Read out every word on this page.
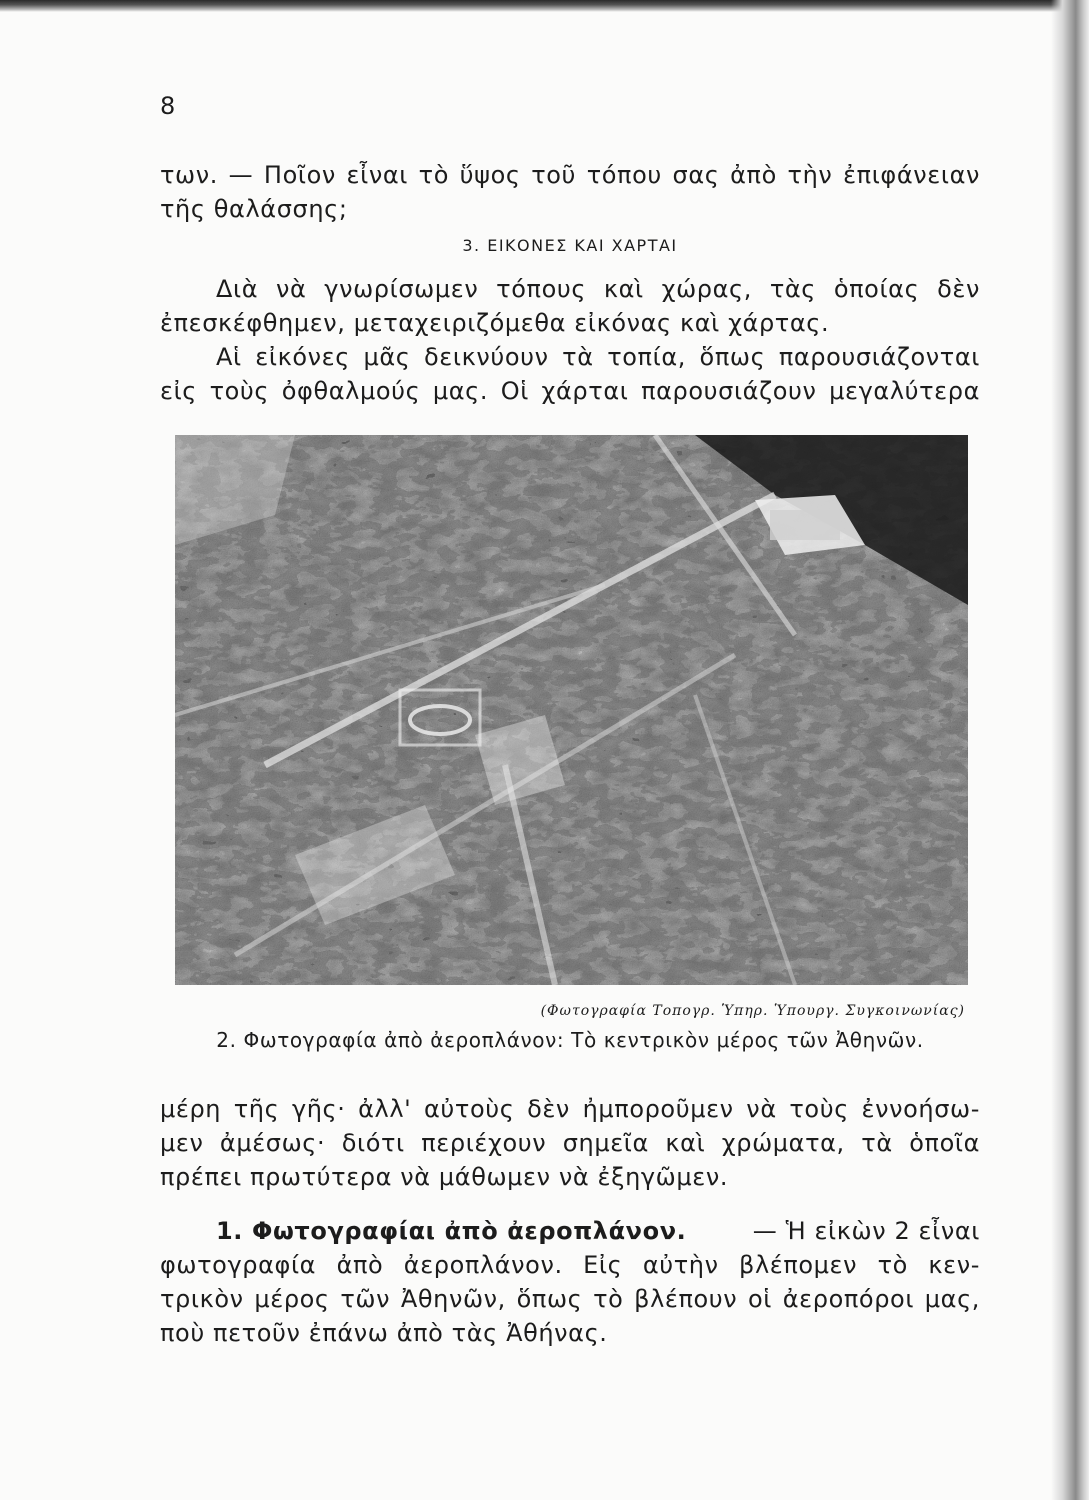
8
των. — Ποῖον εἶναι τὸ ὕψος τοῦ τόπου σας ἀπὸ τὴν ἐπιφάνειαν
τῆς θαλάσσης;
3. ΕΙΚΟΝΕΣ ΚΑΙ ΧΑΡΤΑΙ
Διὰ νὰ γνωρίσωμεν τόπους καὶ χώρας, τὰς ὁποίας δὲν
ἐπεσκέφθημεν, μεταχειριζόμεθα εἰκόνας καὶ χάρτας.
Αἱ εἰκόνες μᾶς δεικνύουν τὰ τοπία, ὅπως παρουσιάζονται
εἰς τοὺς ὀφθαλμούς μας. Οἱ χάρται παρουσιάζουν μεγαλύτερα
(Φωτογραφία Τοπογρ. Ὑπηρ. Ὑπουργ. Συγκοινωνίας)
2. Φωτογραφία ἀπὸ ἀεροπλάνον: Τὸ κεντρικὸν μέρος τῶν Ἀθηνῶν.
μέρη τῆς γῆς· ἀλλ' αὐτοὺς δὲν ἠμποροῦμεν νὰ τοὺς ἐννοήσω-
μεν ἀμέσως· διότι περιέχουν σημεῖα καὶ χρώματα, τὰ ὁποῖα
πρέπει πρωτύτερα νὰ μάθωμεν νὰ ἐξηγῶμεν.
1. Φωτογραφίαι ἀπὸ ἀεροπλάνον.	— Ἡ εἰκὼν 2 εἶναι
φωτογραφία ἀπὸ ἀεροπλάνον. Εἰς αὐτὴν βλέπομεν τὸ κεν-
τρικὸν μέρος τῶν Ἀθηνῶν, ὅπως τὸ βλέπουν οἱ ἀεροπόροι μας,
ποὺ πετοῦν ἐπάνω ἀπὸ τὰς Ἀθήνας.
